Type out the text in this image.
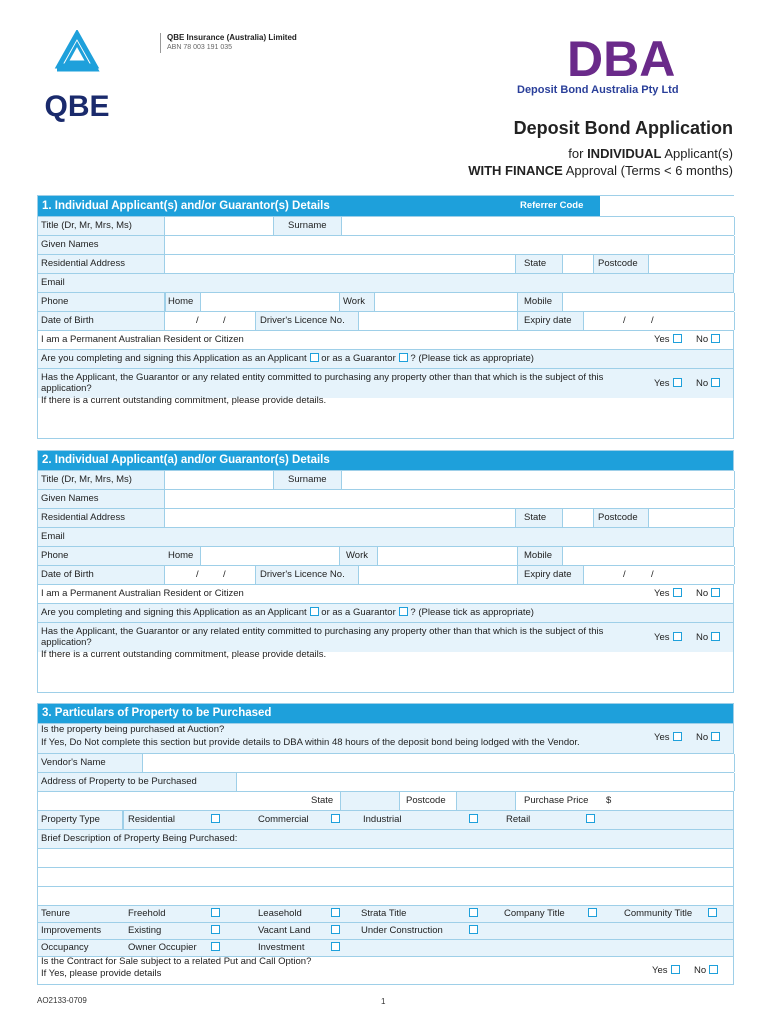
QBE
QBE Insurance (Australia) Limited
ABN 78 003 191 035	DBA
Deposit Bond Australia Pty Ltd
Deposit Bond Application
for INDIVIDUAL Applicant(s)
WITH FINANCE Approval (Terms < 6 months)
1. Individual Applicant(s) and/or Guarantor(s) Details	Referrer Code
Title (Dr, Mr, Mrs, Ms)	Surname
Given Names
Residential Address	State	Postcode
Email
Phone	Home	Work	Mobile
Date of Birth	/	/	Driver's Licence No.	Expiry date	/	/
I am a Permanent Australian Resident or Citizen	Yes	No
Are you completing and signing this Application as an Applicant or as a Guarantor ? (Please tick as appropriate)
Has the Applicant, the Guarantor or any related entity committed to purchasing any property other than that which is the subject of this application?	Yes	No
If there is a current outstanding commitment, please provide details.
2. Individual Applicant(a) and/or Guarantor(s) Details
Title (Dr, Mr, Mrs, Ms)	Surname
Given Names
Residential Address	State	Postcode
Email
Phone	Home	Work	Mobile
Date of Birth	/	/	Driver's Licence No.	Expiry date	/	/
I am a Permanent Australian Resident or Citizen	Yes	No
Are you completing and signing this Application as an Applicant or as a Guarantor ? (Please tick as appropriate)
Has the Applicant, the Guarantor or any related entity committed to purchasing any property other than that which is the subject of this application?	Yes	No
If there is a current outstanding commitment, please provide details.
3. Particulars of Property to be Purchased
Is the property being purchased at Auction?
If Yes, Do Not complete this section but provide details to DBA within 48 hours of the deposit bond being lodged with the Vendor.	Yes	No
Vendor's Name
Address of Property to be Purchased
State	Postcode	Purchase Price $
Property Type	Residential	Commercial	Industrial	Retail
Brief Description of Property Being Purchased:
Tenure	Freehold	Leasehold	Strata Title	Company Title	Community Title
Improvements	Existing	Vacant Land	Under Construction
Occupancy	Owner Occupier	Investment
Is the Contract for Sale subject to a related Put and Call Option?
If Yes, please provide details	Yes	No
AO2133-0709	1
